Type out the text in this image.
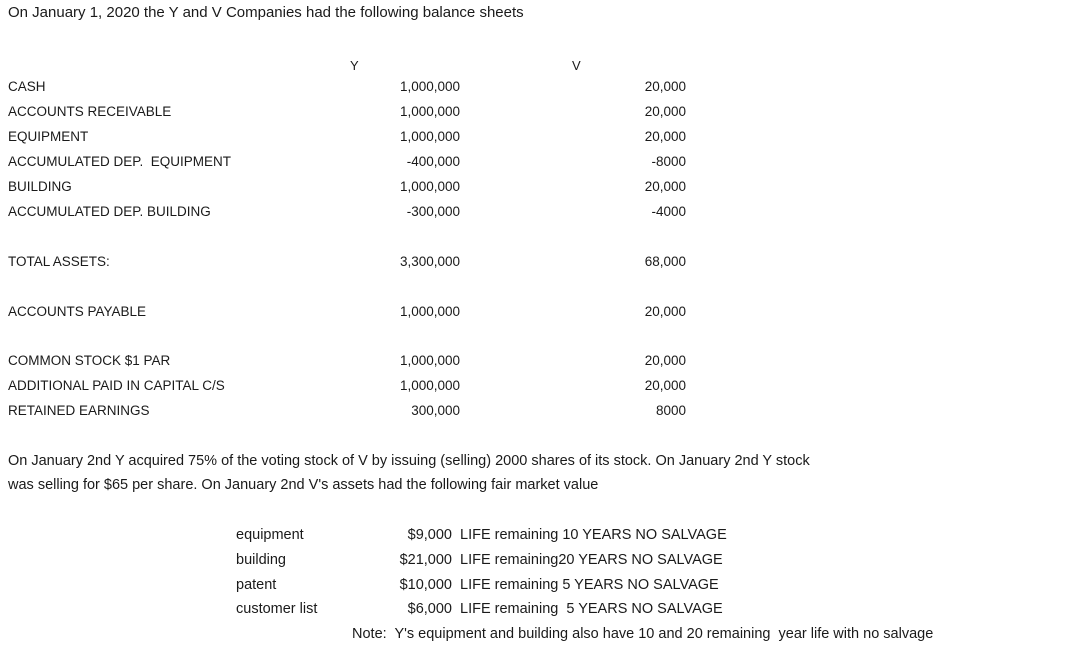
On January 1, 2020 the Y and V Companies had the following balance sheets
Y	V
CASH	1,000,000	20,000
ACCOUNTS RECEIVABLE	1,000,000	20,000
EQUIPMENT	1,000,000	20,000
ACCUMULATED DEP.  EQUIPMENT	-400,000	-8000
BUILDING	1,000,000	20,000
ACCUMULATED DEP. BUILDING	-300,000	-4000
TOTAL ASSETS:	3,300,000	68,000
ACCOUNTS PAYABLE	1,000,000	20,000
COMMON STOCK $1 PAR	1,000,000	20,000
ADDITIONAL PAID IN CAPITAL C/S	1,000,000	20,000
RETAINED EARNINGS	300,000	8000
On January 2nd Y acquired 75% of the voting stock of V by issuing (selling) 2000 shares of its stock. On January 2nd Y stock
was selling for $65 per share. On January 2nd V's assets had the following fair market value
equipment	$9,000 LIFE remaining 10 YEARS NO SALVAGE
building	$21,000 LIFE remaining20 YEARS NO SALVAGE
patent	$10,000 LIFE remaining 5 YEARS NO SALVAGE
customer list	$6,000 LIFE remaining  5 YEARS NO SALVAGE
Note:  Y's equipment and building also have 10 and 20 remaining  year life with no salvage
